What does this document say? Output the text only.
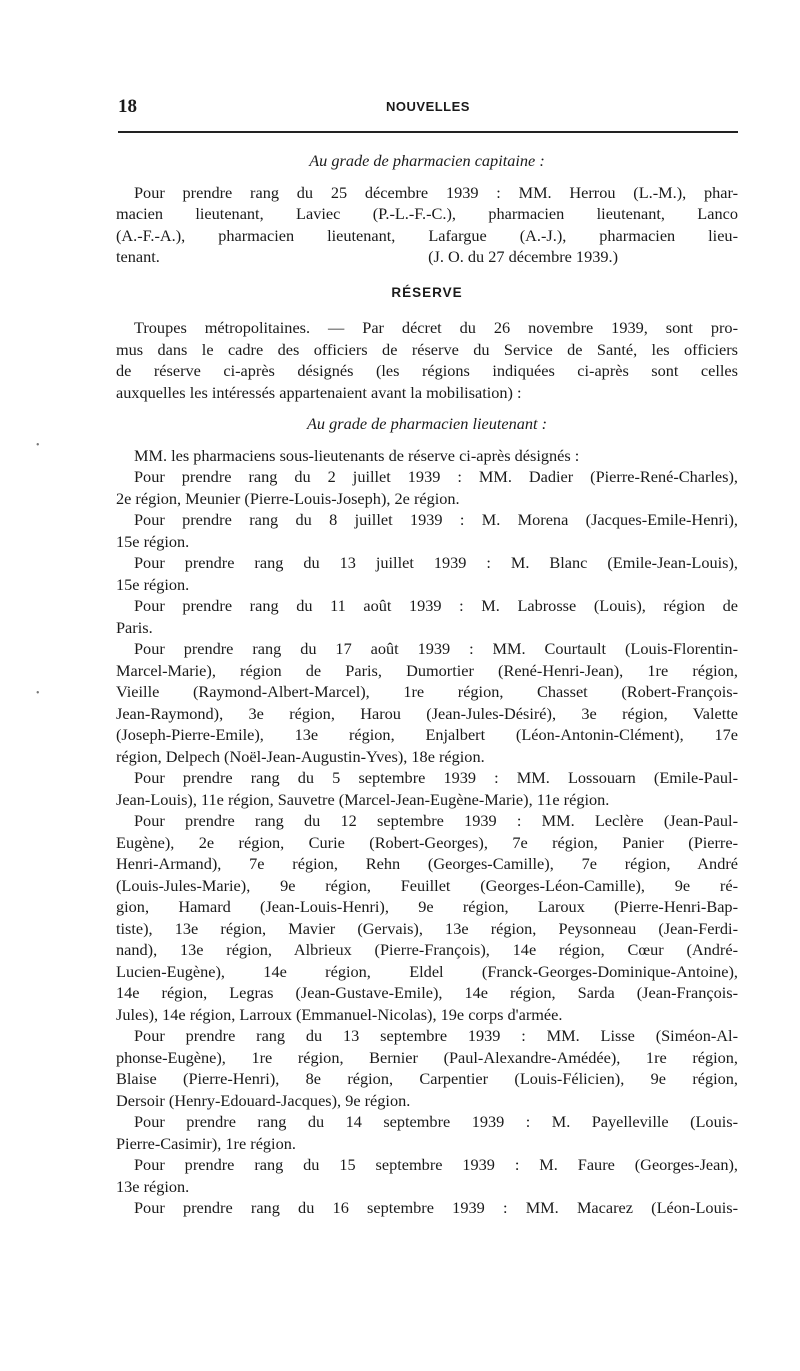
18	NOUVELLES
Au grade de pharmacien capitaine :
Pour prendre rang du 25 décembre 1939 : MM. Herrou (L.-M.), phar-
macien lieutenant, Laviec (P.-L.-F.-C.), pharmacien lieutenant, Lanco
(A.-F.-A.), pharmacien lieutenant, Lafargue (A.-J.), pharmacien lieu-
tenant.	(J. O. du 27 décembre 1939.)
RÉSERVE
Troupes métropolitaines. — Par décret du 26 novembre 1939, sont pro-
mus dans le cadre des officiers de réserve du Service de Santé, les officiers
de réserve ci-après désignés (les régions indiquées ci-après sont celles
auxquelles les intéressés appartenaient avant la mobilisation) :
Au grade de pharmacien lieutenant :
MM. les pharmaciens sous-lieutenants de réserve ci-après désignés :
Pour prendre rang du 2 juillet 1939 : MM. Dadier (Pierre-René-Charles),
2e région, Meunier (Pierre-Louis-Joseph), 2e région.
Pour prendre rang du 8 juillet 1939 : M. Morena (Jacques-Emile-Henri),
15e région.
Pour prendre rang du 13 juillet 1939 : M. Blanc (Emile-Jean-Louis),
15e région.
Pour prendre rang du 11 août 1939 : M. Labrosse (Louis), région de
Paris.
Pour prendre rang du 17 août 1939 : MM. Courtault (Louis-Florentin-
Marcel-Marie), région de Paris, Dumortier (René-Henri-Jean), 1re région,
Vieille (Raymond-Albert-Marcel), 1re région, Chasset (Robert-François-
Jean-Raymond), 3e région, Harou (Jean-Jules-Désiré), 3e région, Valette
(Joseph-Pierre-Emile), 13e région, Enjalbert (Léon-Antonin-Clément), 17e
région, Delpech (Noël-Jean-Augustin-Yves), 18e région.
Pour prendre rang du 5 septembre 1939 : MM. Lossouarn (Emile-Paul-
Jean-Louis), 11e région, Sauvetre (Marcel-Jean-Eugène-Marie), 11e région.
Pour prendre rang du 12 septembre 1939 : MM. Leclère (Jean-Paul-
Eugène), 2e région, Curie (Robert-Georges), 7e région, Panier (Pierre-
Henri-Armand), 7e région, Rehn (Georges-Camille), 7e région, André
(Louis-Jules-Marie), 9e région, Feuillet (Georges-Léon-Camille), 9e ré-
gion, Hamard (Jean-Louis-Henri), 9e région, Laroux (Pierre-Henri-Bap-
tiste), 13e région, Mavier (Gervais), 13e région, Peysonneau (Jean-Ferdi-
nand), 13e région, Albrieux (Pierre-François), 14e région, Cœur (André-
Lucien-Eugène), 14e région, Eldel (Franck-Georges-Dominique-Antoine),
14e région, Legras (Jean-Gustave-Emile), 14e région, Sarda (Jean-François-
Jules), 14e région, Larroux (Emmanuel-Nicolas), 19e corps d'armée.
Pour prendre rang du 13 septembre 1939 : MM. Lisse (Siméon-Al-
phonse-Eugène), 1re région, Bernier (Paul-Alexandre-Amédée), 1re région,
Blaise (Pierre-Henri), 8e région, Carpentier (Louis-Félicien), 9e région,
Dersoir (Henry-Edouard-Jacques), 9e région.
Pour prendre rang du 14 septembre 1939 : M. Payelleville (Louis-
Pierre-Casimir), 1re région.
Pour prendre rang du 15 septembre 1939 : M. Faure (Georges-Jean),
13e région.
Pour prendre rang du 16 septembre 1939 : MM. Macarez (Léon-Louis-
•
•
